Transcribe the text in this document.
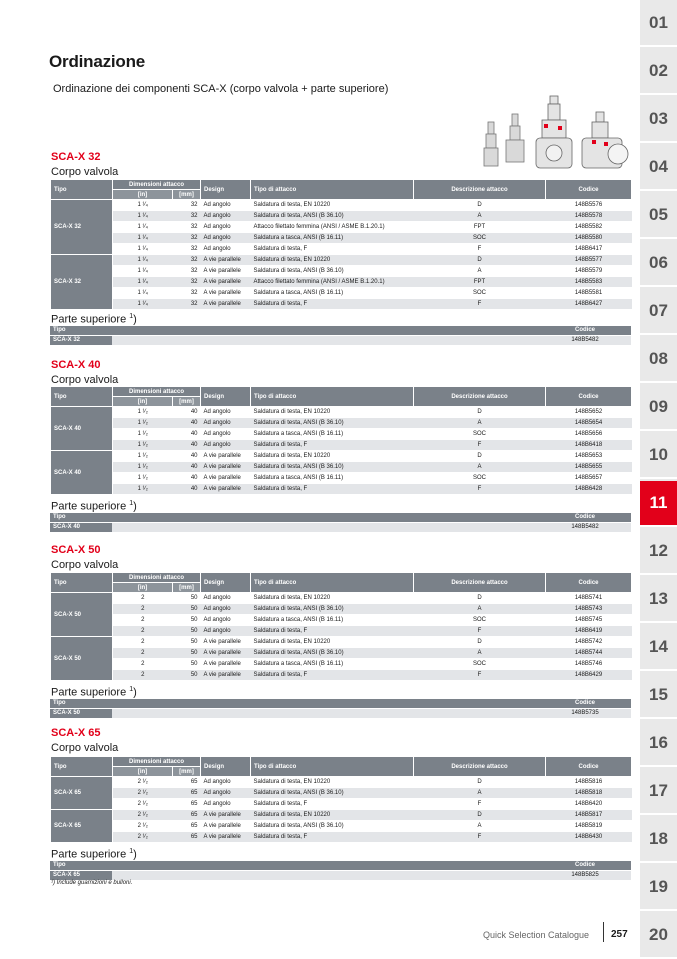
01
02
03
04
05
06
07
08
09
10
11
12
13
14
15
16
17
18
19
20
Ordinazione
Ordinazione dei componenti SCA-X (corpo valvola + parte superiore)
SCA-X 32
Corpo valvola
Tipo	Dimensioni attacco		Design	Tipo di attacco	Descrizione attacco	Codice
	[in]	[mm]				
SCA-X 32	1 ¹⁄₄	32	Ad angolo	Saldatura di testa, EN 10220	D	148B5576
	1 ¹⁄₄	32	Ad angolo	Saldatura di testa, ANSI (B 36.10)	A	148B5578
	1 ¹⁄₄	32	Ad angolo	Attacco filettato femmina (ANSI / ASME B.1.20.1)	FPT	148B5582
	1 ¹⁄₄	32	Ad angolo	Saldatura a tasca, ANSI (B 16.11)	SOC	148B5580
	1 ¹⁄₄	32	Ad angolo	Saldatura di testa, F	F	148B6417
SCA-X 32	1 ¹⁄₄	32	A vie parallele	Saldatura di testa, EN 10220	D	148B5577
	1 ¹⁄₄	32	A vie parallele	Saldatura di testa, ANSI (B 36.10)	A	148B5579
	1 ¹⁄₄	32	A vie parallele	Attacco filettato femmina (ANSI / ASME B.1.20.1)	FPT	148B5583
	1 ¹⁄₄	32	A vie parallele	Saldatura a tasca, ANSI (B 16.11)	SOC	148B5581
	1 ¹⁄₄	32	A vie parallele	Saldatura di testa, F	F	148B6427
Parte superiore $^1$)
Tipo		Codice
SCA-X 32		148B5482
SCA-X 40
Corpo valvola
Tipo	Dimensioni attacco		Design	Tipo di attacco	Descrizione attacco	Codice
	[in]	[mm]				
SCA-X 40	1 ¹⁄₂	40	Ad angolo	Saldatura di testa, EN 10220	D	148B5652
	1 ¹⁄₂	40	Ad angolo	Saldatura di testa, ANSI (B 36.10)	A	148B5654
	1 ¹⁄₂	40	Ad angolo	Saldatura a tasca, ANSI (B 16.11)	SOC	148B5656
	1 ¹⁄₂	40	Ad angolo	Saldatura di testa, F	F	148B6418
SCA-X 40	1 ¹⁄₂	40	A vie parallele	Saldatura di testa, EN 10220	D	148B5653
	1 ¹⁄₂	40	A vie parallele	Saldatura di testa, ANSI (B 36.10)	A	148B5655
	1 ¹⁄₂	40	A vie parallele	Saldatura a tasca, ANSI (B 16.11)	SOC	148B5657
	1 ¹⁄₂	40	A vie parallele	Saldatura di testa, F	F	148B6428
Parte superiore $^1$)
Tipo		Codice
SCA-X 40		148B5482
SCA-X 50
Corpo valvola
Tipo	Dimensioni attacco		Design	Tipo di attacco	Descrizione attacco	Codice
	[in]	[mm]				
SCA-X 50	2	50	Ad angolo	Saldatura di testa, EN 10220	D	148B5741
	2	50	Ad angolo	Saldatura di testa, ANSI (B 36.10)	A	148B5743
	2	50	Ad angolo	Saldatura a tasca, ANSI (B 16.11)	SOC	148B5745
	2	50	Ad angolo	Saldatura di testa, F	F	148B6419
SCA-X 50	2	50	A vie parallele	Saldatura di testa, EN 10220	D	148B5742
	2	50	A vie parallele	Saldatura di testa, ANSI (B 36.10)	A	148B5744
	2	50	A vie parallele	Saldatura a tasca, ANSI (B 16.11)	SOC	148B5746
	2	50	A vie parallele	Saldatura di testa, F	F	148B6429
Parte superiore $^1$)
Tipo		Codice
SCA-X 50		148B5735
SCA-X 65
Corpo valvola
Tipo	Dimensioni attacco		Design	Tipo di attacco	Descrizione attacco	Codice
	[in]	[mm]				
SCA-X 65	2 ¹⁄₂	65	Ad angolo	Saldatura di testa, EN 10220	D	148B5816
	2 ¹⁄₂	65	Ad angolo	Saldatura di testa, ANSI (B 36.10)	A	148B5818
	2 ¹⁄₂	65	Ad angolo	Saldatura di testa, F	F	148B6420
SCA-X 65	2 ¹⁄₂	65	A vie parallele	Saldatura di testa, EN 10220	D	148B5817
	2 ¹⁄₂	65	A vie parallele	Saldatura di testa, ANSI (B 36.10)	A	148B5819
	2 ¹⁄₂	65	A vie parallele	Saldatura di testa, F	F	148B6430
Parte superiore $^1$)
Tipo		Codice
SCA-X 65		148B5825
¹) Include guarnizioni e bulloni.
Quick Selection Catalogue 257
